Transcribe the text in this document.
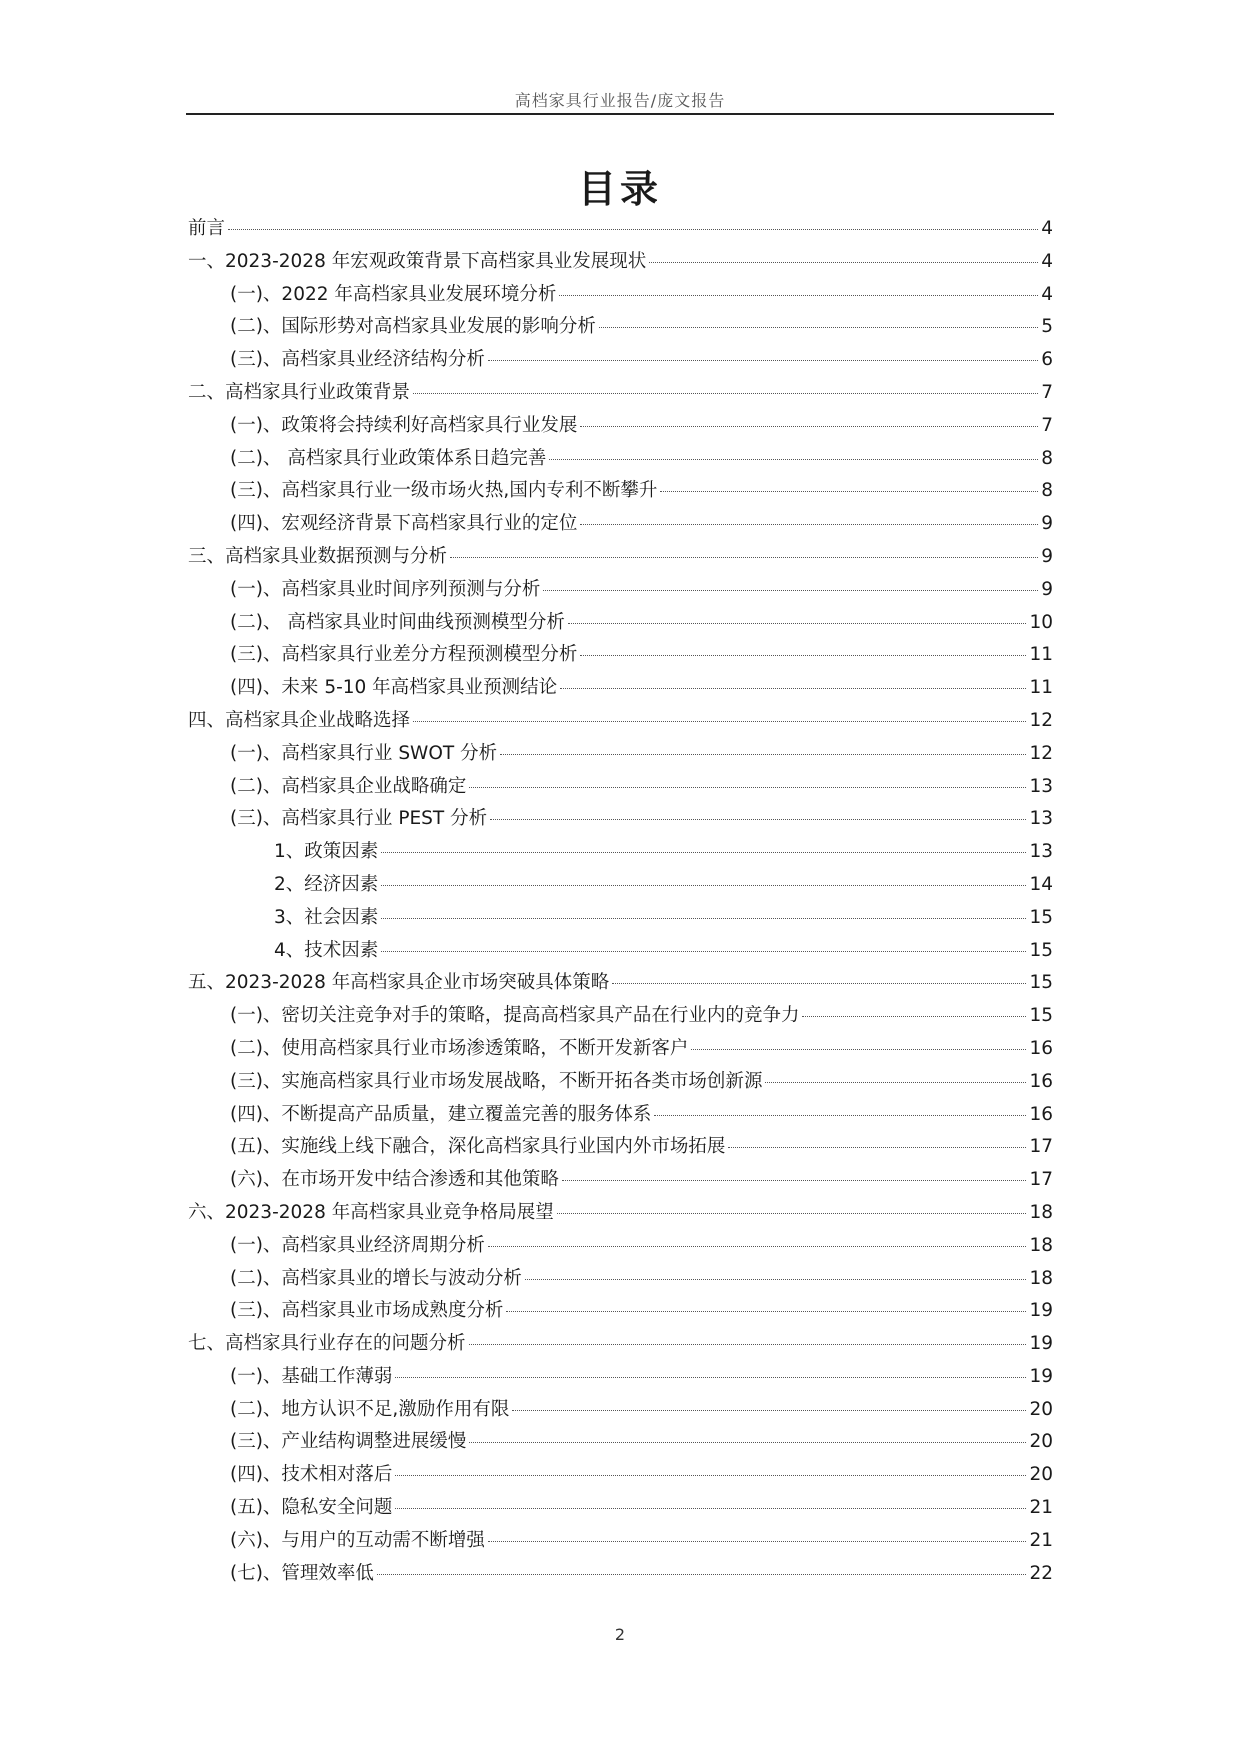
高档家具行业报告/庞文报告
目录
前言	4
一、2023-2028 年宏观政策背景下高档家具业发展现状	4
(一)、2022 年高档家具业发展环境分析	4
(二)、国际形势对高档家具业发展的影响分析	5
(三)、高档家具业经济结构分析	6
二、高档家具行业政策背景	7
(一)、政策将会持续利好高档家具行业发展	7
(二)、 高档家具行业政策体系日趋完善	8
(三)、高档家具行业一级市场火热,国内专利不断攀升	8
(四)、宏观经济背景下高档家具行业的定位	9
三、高档家具业数据预测与分析	9
(一)、高档家具业时间序列预测与分析	9
(二)、 高档家具业时间曲线预测模型分析	10
(三)、高档家具行业差分方程预测模型分析	11
(四)、未来 5-10 年高档家具业预测结论	11
四、高档家具企业战略选择	12
(一)、高档家具行业 SWOT 分析	12
(二)、高档家具企业战略确定	13
(三)、高档家具行业 PEST 分析	13
1、政策因素	13
2、经济因素	14
3、社会因素	15
4、技术因素	15
五、2023-2028 年高档家具企业市场突破具体策略	15
(一)、密切关注竞争对手的策略，提高高档家具产品在行业内的竞争力	15
(二)、使用高档家具行业市场渗透策略，不断开发新客户	16
(三)、实施高档家具行业市场发展战略，不断开拓各类市场创新源	16
(四)、不断提高产品质量，建立覆盖完善的服务体系	16
(五)、实施线上线下融合，深化高档家具行业国内外市场拓展	17
(六)、在市场开发中结合渗透和其他策略	17
六、2023-2028 年高档家具业竞争格局展望	18
(一)、高档家具业经济周期分析	18
(二)、高档家具业的增长与波动分析	18
(三)、高档家具业市场成熟度分析	19
七、高档家具行业存在的问题分析	19
(一)、基础工作薄弱	19
(二)、地方认识不足,激励作用有限	20
(三)、产业结构调整进展缓慢	20
(四)、技术相对落后	20
(五)、隐私安全问题	21
(六)、与用户的互动需不断增强	21
(七)、管理效率低	22
2
